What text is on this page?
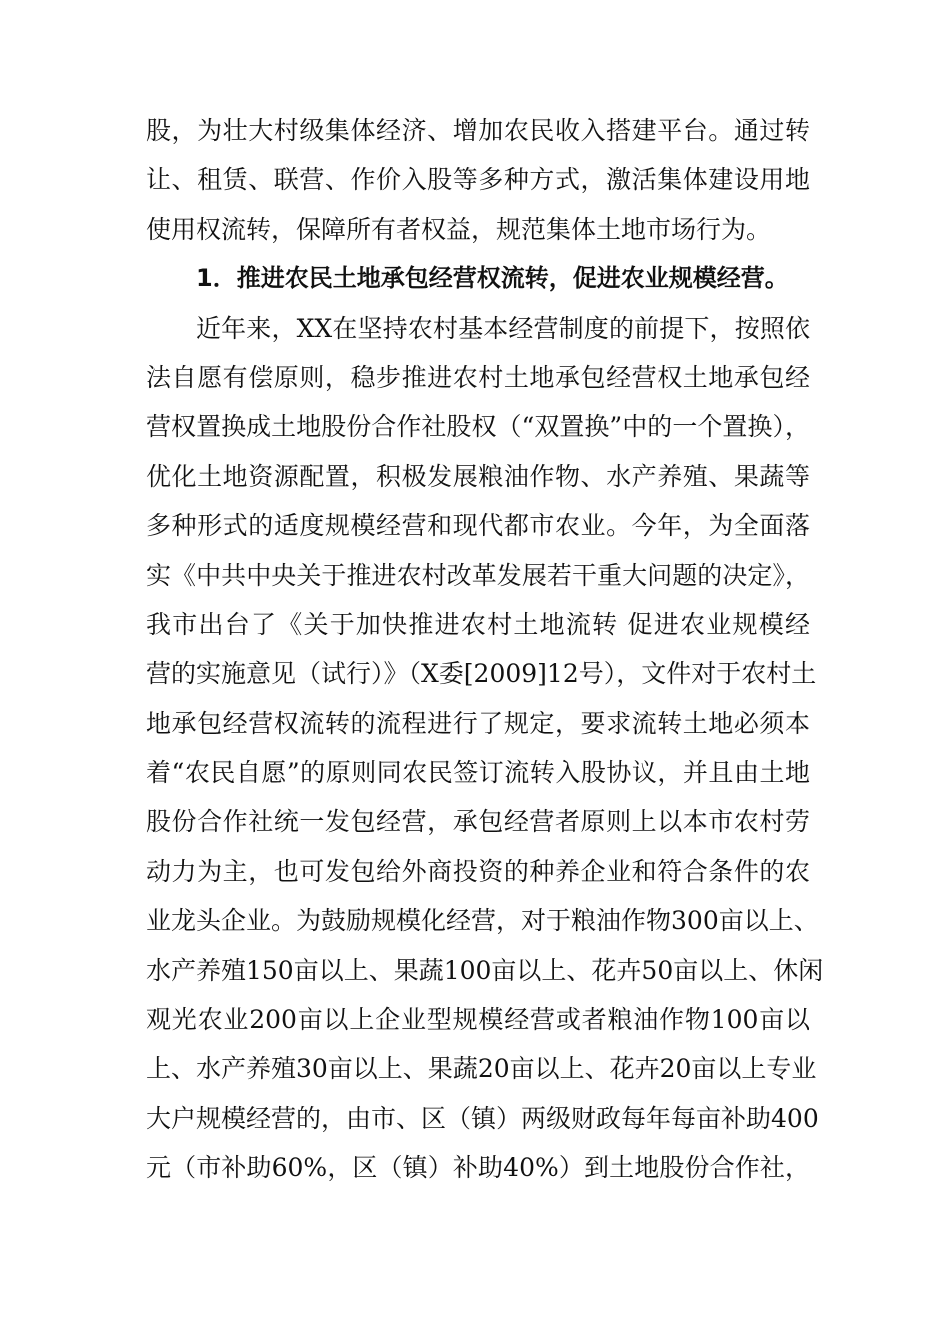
股，为壮大村级集体经济、增加农民收入搭建平台。通过转
让、租赁、联营、作价入股等多种方式，激活集体建设用地
使用权流转，保障所有者权益，规范集体土地市场行为。
1．推进农民土地承包经营权流转，促进农业规模经营。
近年来，XX在坚持农村基本经营制度的前提下，按照依
法自愿有偿原则，稳步推进农村土地承包经营权土地承包经
营权置换成土地股份合作社股权（“双置换”中的一个置换），
优化土地资源配置，积极发展粮油作物、水产养殖、果蔬等
多种形式的适度规模经营和现代都市农业。今年，为全面落
实《中共中央关于推进农村改革发展若干重大问题的决定》，
我市出台了《关于加快推进农村土地流转 促进农业规模经
营的实施意见（试行）》（X委[2009]12号），文件对于农村土
地承包经营权流转的流程进行了规定，要求流转土地必须本
着“农民自愿”的原则同农民签订流转入股协议，并且由土地
股份合作社统一发包经营，承包经营者原则上以本市农村劳
动力为主，也可发包给外商投资的种养企业和符合条件的农
业龙头企业。为鼓励规模化经营，对于粮油作物300亩以上、
水产养殖150亩以上、果蔬100亩以上、花卉50亩以上、休闲
观光农业200亩以上企业型规模经营或者粮油作物100亩以
上、水产养殖30亩以上、果蔬20亩以上、花卉20亩以上专业
大户规模经营的，由市、区（镇）两级财政每年每亩补助400
元（市补助60%，区（镇）补助40%）到土地股份合作社，
